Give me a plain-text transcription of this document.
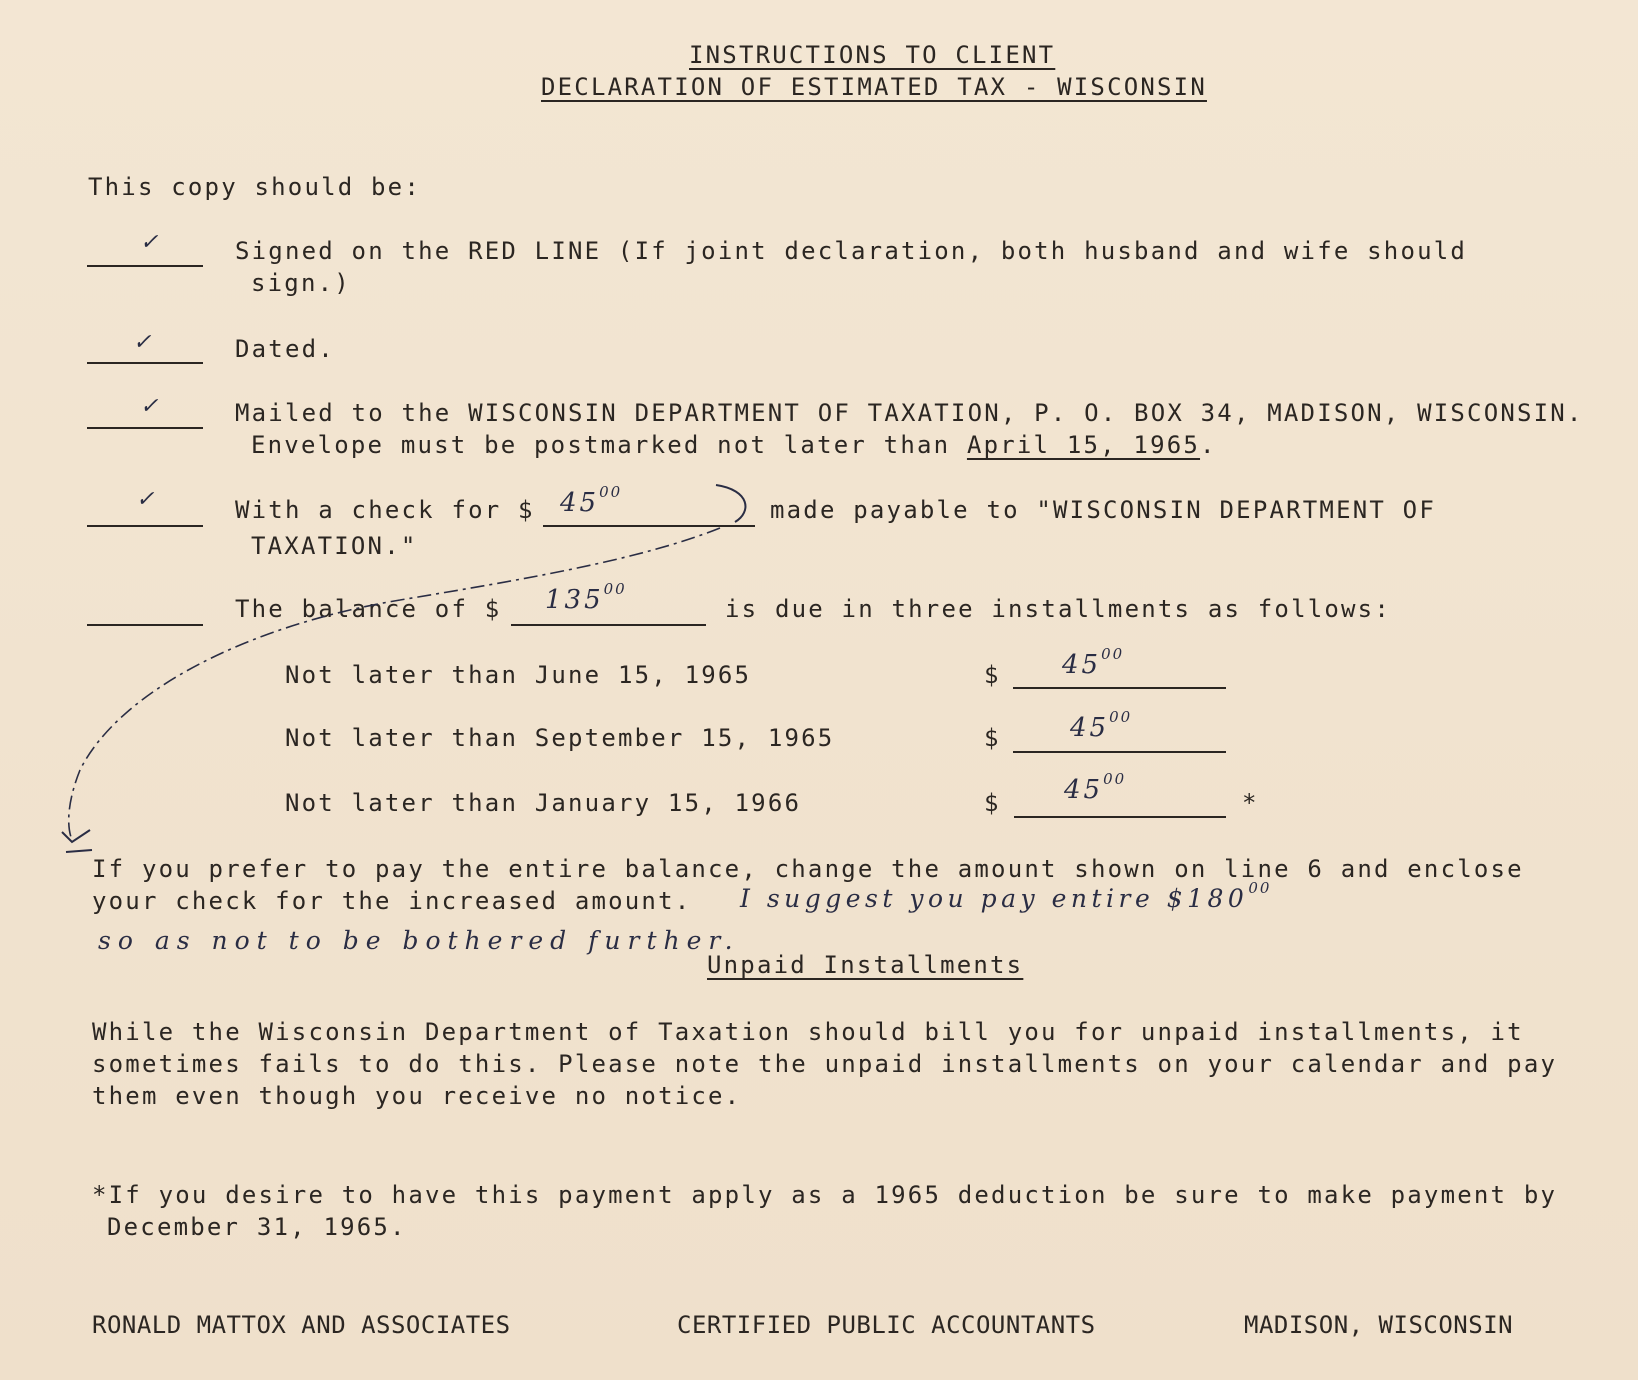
INSTRUCTIONS TO CLIENT
DECLARATION OF ESTIMATED TAX - WISCONSIN
This copy should be:
✓	Signed on the RED LINE (If joint declaration, both husband and wife should
sign.)
✓	Dated.
✓	Mailed to the WISCONSIN DEPARTMENT OF TAXATION, P. O. BOX 34, MADISON, WISCONSIN.
Envelope must be postmarked not later than April 15, 1965.
✓	With a check for $ $45^{00}$
made payable to "WISCONSIN DEPARTMENT OF
TAXATION."
The balance of $ $135^{00}$
is due in three installments as follows:
Not later than June 15, 1965	$ $45^{00}$
Not later than September 15, 1965	$	$45^{00}$
Not later than January 15, 1966	$ $45^{00}$
*
If you prefer to pay the entire balance, change the amount shown on line 6 and enclose
your check for the increased amount. I suggest you pay entire $\$180^{00}$
so as not to be bothered further.
Unpaid Installments
While the Wisconsin Department of Taxation should bill you for unpaid installments, it
sometimes fails to do this. Please note the unpaid installments on your calendar and pay
them even though you receive no notice.
*If you desire to have this payment apply as a 1965 deduction be sure to make payment by
December 31, 1965.
RONALD MATTOX AND ASSOCIATES	CERTIFIED PUBLIC ACCOUNTANTS	MADISON, WISCONSIN
